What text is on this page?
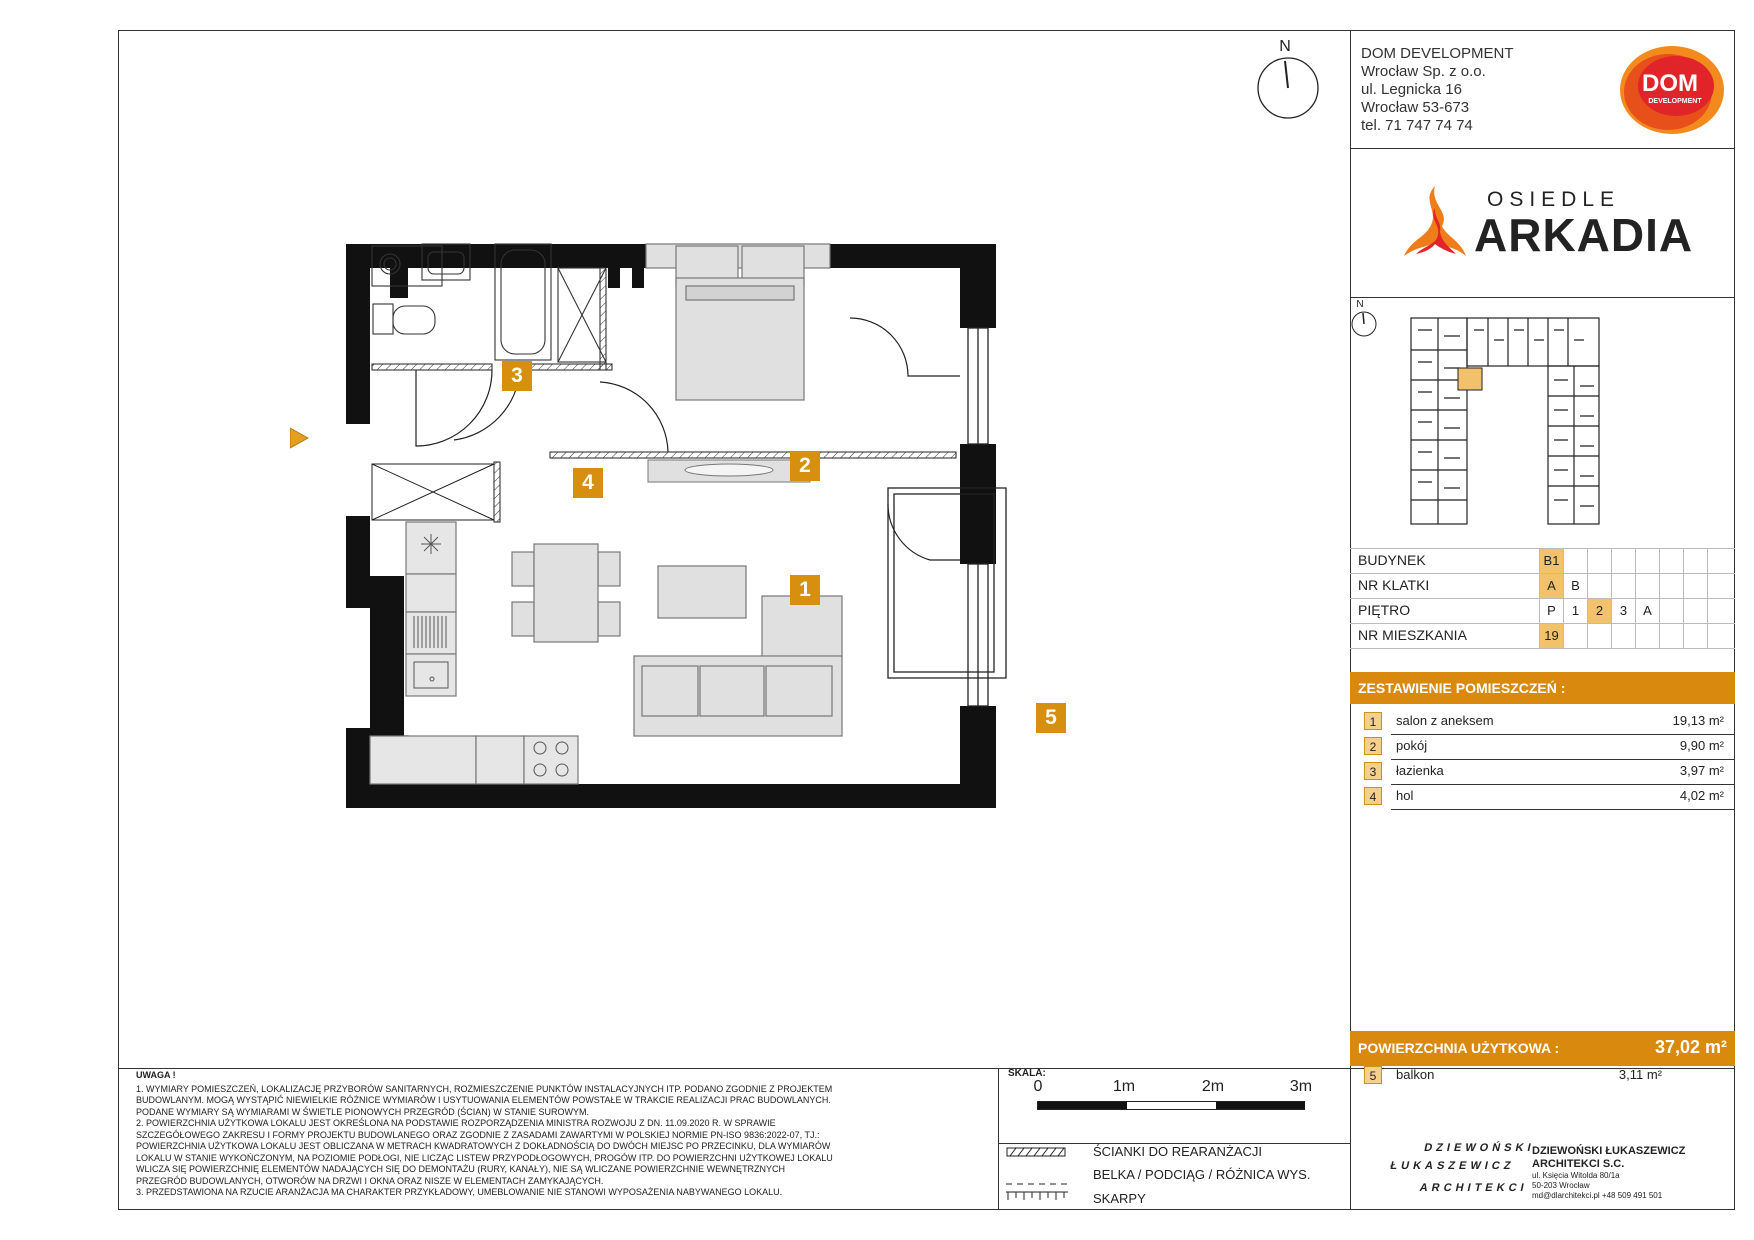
DOM DEVELOPMENT
Wrocław Sp. z o.o.
ul. Legnicka 16
Wrocław 53-673
tel. 71 747 74 74
DOM
DEVELOPMENT
OSIEDLE
ARKADIA
N
N
BUDYNEK	B1
NR KLATKI	A	B
PIĘTRO	P	1	2	3	A
NR MIESZKANIA	19
ZESTAWIENIE POMIESZCZEŃ :
1	salon z aneksem	19,13 m²
2	pokój	9,90 m²
3	łazienka	3,97 m²
4	hol	4,02 m²
POWIERZCHNIA UŻYTKOWA :	37,02 m²
5	balkon	3,11 m²
UWAGA !
1. WYMIARY POMIESZCZEŃ, LOKALIZACJĘ PRZYBORÓW SANITARNYCH, ROZMIESZCZENIE PUNKTÓW INSTALACYJNYCH ITP. PODANO ZGODNIE Z PROJEKTEM
BUDOWLANYM. MOGĄ WYSTĄPIĆ NIEWIELKIE RÓŻNICE WYMIARÓW I USYTUOWANIA ELEMENTÓW POWSTAŁE W TRAKCIE REALIZACJI PRAC BUDOWLANYCH.
PODANE WYMIARY SĄ WYMIARAMI W ŚWIETLE PIONOWYCH PRZEGRÓD (ŚCIAN) W STANIE SUROWYM.
2. POWIERZCHNIA UŻYTKOWA LOKALU JEST OKREŚLONA NA PODSTAWIE ROZPORZĄDZENIA MINISTRA ROZWOJU Z DN. 11.09.2020 R. W SPRAWIE
SZCZEGÓŁOWEGO ZAKRESU I FORMY PROJEKTU BUDOWLANEGO ORAZ ZGODNIE Z ZASADAMI ZAWARTYMI W POLSKIEJ NORMIE PN-ISO 9836:2022-07, TJ.:
POWIERZCHNIA UŻYTKOWA LOKALU JEST OBLICZANA W METRACH KWADRATOWYCH Z DOKŁADNOŚCIĄ DO DWÓCH MIEJSC PO PRZECINKU, DLA WYMIARÓW
LOKALU W STANIE WYKOŃCZONYM, NA POZIOMIE PODŁOGI, NIE LICZĄC LISTEW PRZYPODŁOGOWYCH, PROGÓW ITP. DO POWIERZCHNI UŻYTKOWEJ LOKALU
WLICZA SIĘ POWIERZCHNIĘ ELEMENTÓW NADAJĄCYCH SIĘ DO DEMONTAŻU (RURY, KANAŁY), NIE SĄ WLICZANE POWIERZCHNIE WEWNĘTRZNYCH
PRZEGRÓD BUDOWLANYCH, OTWORÓW NA DRZWI I OKNA ORAZ NISZE W ELEMENTACH ZAMYKAJĄCYCH.
3. PRZEDSTAWIONA NA RZUCIE ARANŻACJA MA CHARAKTER PRZYKŁADOWY, UMEBLOWANIE NIE STANOWI WYPOSAŻENIA NABYWANEGO LOKALU.
SKALA:
0	1m	2m	3m
ŚCIANKI DO REARANŻACJI
BELKA / PODCIĄG / RÓŻNICA WYS.
SKARPY
DZIEWOŃSKI
ŁUKASZEWICZ
ARCHITEKCI
DZIEWOŃSKI ŁUKASZEWICZ
ARCHITEKCI S.C.
ul. Księcia Witolda 80/1a
50-203 Wrocław
md@dlarchitekci.pl +48 509 491 501
1
2
3
4
5
